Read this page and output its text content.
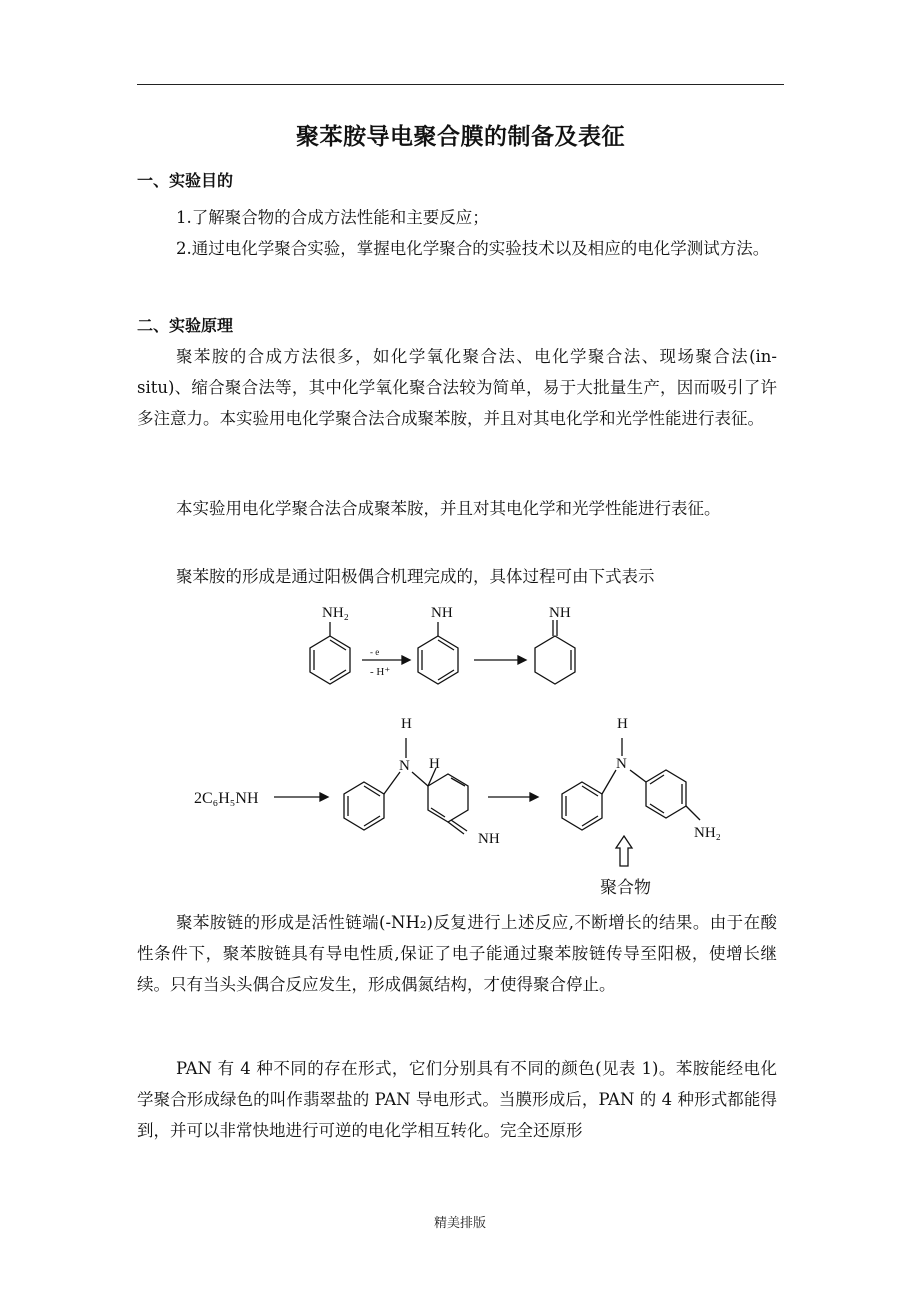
聚苯胺导电聚合膜的制备及表征
一、实验目的
1.了解聚合物的合成方法性能和主要反应；
2.通过电化学聚合实验，掌握电化学聚合的实验技术以及相应的电化学测试方法。
二、实验原理
聚苯胺的合成方法很多，如化学氧化聚合法、电化学聚合法、现场聚合法(in-situ)、缩合聚合法等，其中化学氧化聚合法较为简单，易于大批量生产，因而吸引了许多注意力。本实验用电化学聚合法合成聚苯胺，并且对其电化学和光学性能进行表征。
本实验用电化学聚合法合成聚苯胺，并且对其电化学和光学性能进行表征。
聚苯胺的形成是通过阳极偶合机理完成的，具体过程可由下式表示
NH₂
- e
- H⁺
NH	NH
2C₆H₅NH
H
N H
NH
H
N
NH₂
聚合物
聚苯胺链的形成是活性链端(-NH₂)反复进行上述反应,不断增长的结果。由于在酸性条件下，聚苯胺链具有导电性质,保证了电子能通过聚苯胺链传导至阳极，使增长继续。只有当头头偶合反应发生，形成偶氮结构，才使得聚合停止。
PAN 有 4 种不同的存在形式，它们分别具有不同的颜色(见表 1)。苯胺能经电化学聚合形成绿色的叫作翡翠盐的 PAN 导电形式。当膜形成后，PAN 的 4 种形式都能得到，并可以非常快地进行可逆的电化学相互转化。完全还原形
精美排版
